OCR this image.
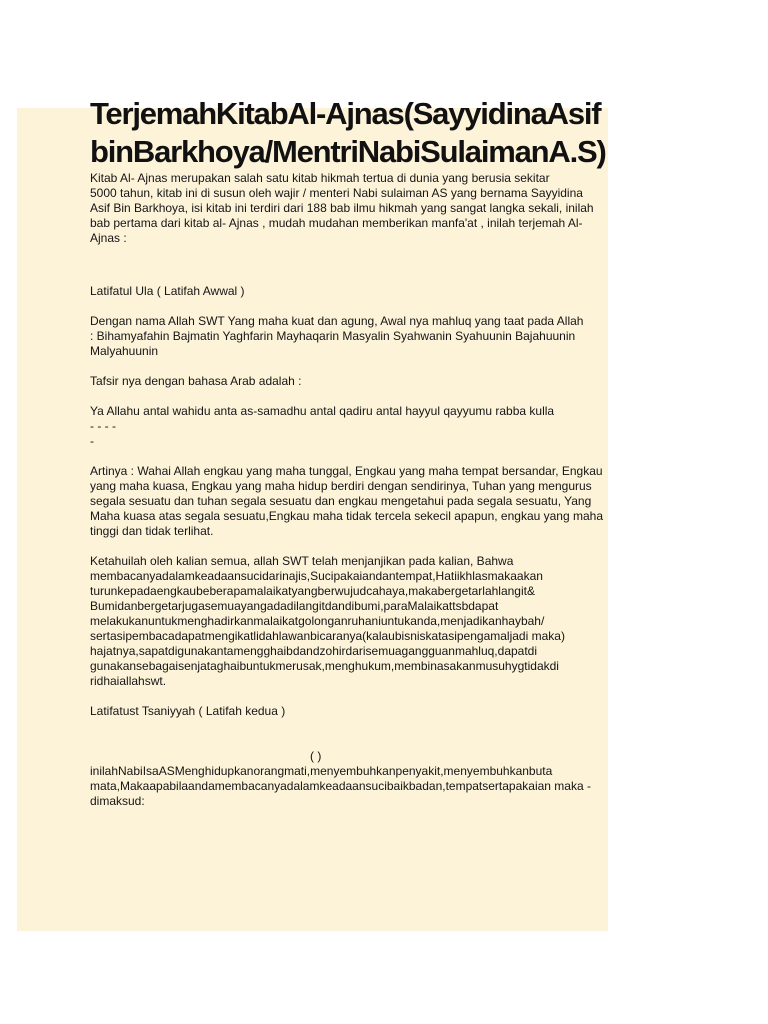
TerjemahKitabAl-Ajnas(SayyidinaAsif
binBarkhoya/MentriNabiSulaimanA.S)
Kitab Al- Ajnas merupakan salah satu kitab hikmah tertua di dunia yang berusia sekitar
5000 tahun, kitab ini di susun oleh wajir / menteri Nabi sulaiman AS yang bernama Sayyidina
Asif Bin Barkhoya, isi kitab ini terdiri dari 188 bab ilmu hikmah yang sangat langka sekali, inilah
bab pertama dari kitab al- Ajnas , mudah mudahan memberikan manfa'at , inilah terjemah Al-
Ajnas :
Latifatul Ula ( Latifah Awwal )
Dengan nama Allah SWT Yang maha kuat dan agung, Awal nya mahluq yang taat pada Allah
: Bihamyafahin Bajmatin Yaghfarin Mayhaqarin Masyalin Syahwanin Syahuunin Bajahuunin
Malyahuunin
Tafsir nya dengan bahasa Arab adalah :
Ya Allahu antal wahidu anta as-samadhu antal qadiru antal hayyul qayyumu rabba kulla
- - - -
-
Artinya : Wahai Allah engkau yang maha tunggal, Engkau yang maha tempat bersandar, Engkau
yang maha kuasa, Engkau yang maha hidup berdiri dengan sendirinya, Tuhan yang mengurus
segala sesuatu dan tuhan segala sesuatu dan engkau mengetahui pada segala sesuatu, Yang
Maha kuasa atas segala sesuatu,Engkau maha tidak tercela sekecil apapun, engkau yang maha
tinggi dan tidak terlihat.
Ketahuilah oleh kalian semua, allah SWT telah menjanjikan pada kalian, Bahwa
membacanyadalamkeadaansucidarinajis,Sucipakaiandantempat,Hatiikhlasmakaakan
turunkepadaengkaubeberapamalaikatyangberwujudcahaya,makabergetarlahlangit&
Bumidanbergetarjugasemuayangadadilangitdandibumi,paraMalaikattsbdapat
melakukanuntukmenghadirkanmalaikatgolonganruhaniuntukanda,menjadikanhaybah/
sertasipembacadapatmengikatlidahlawanbicaranya(kalaubisniskatasipengamaljadi maka)
hajatnya,sapatdigunakantamengghaibdandzohirdarisemuagangguanmahluq,dapatdi
gunakansebagaisenjataghaibuntukmerusak,menghukum,membinasakanmusuhygtidakdi
ridhaiallahswt.
Latifatust Tsaniyyah ( Latifah kedua )
( )
inilahNabiIsaASMenghidupkanorangmati,menyembuhkanpenyakit,menyembuhkanbuta
mata,Makaapabilaandamembacanyadalamkeadaansucibaikbadan,tempatsertapakaian maka -
dimaksud:
